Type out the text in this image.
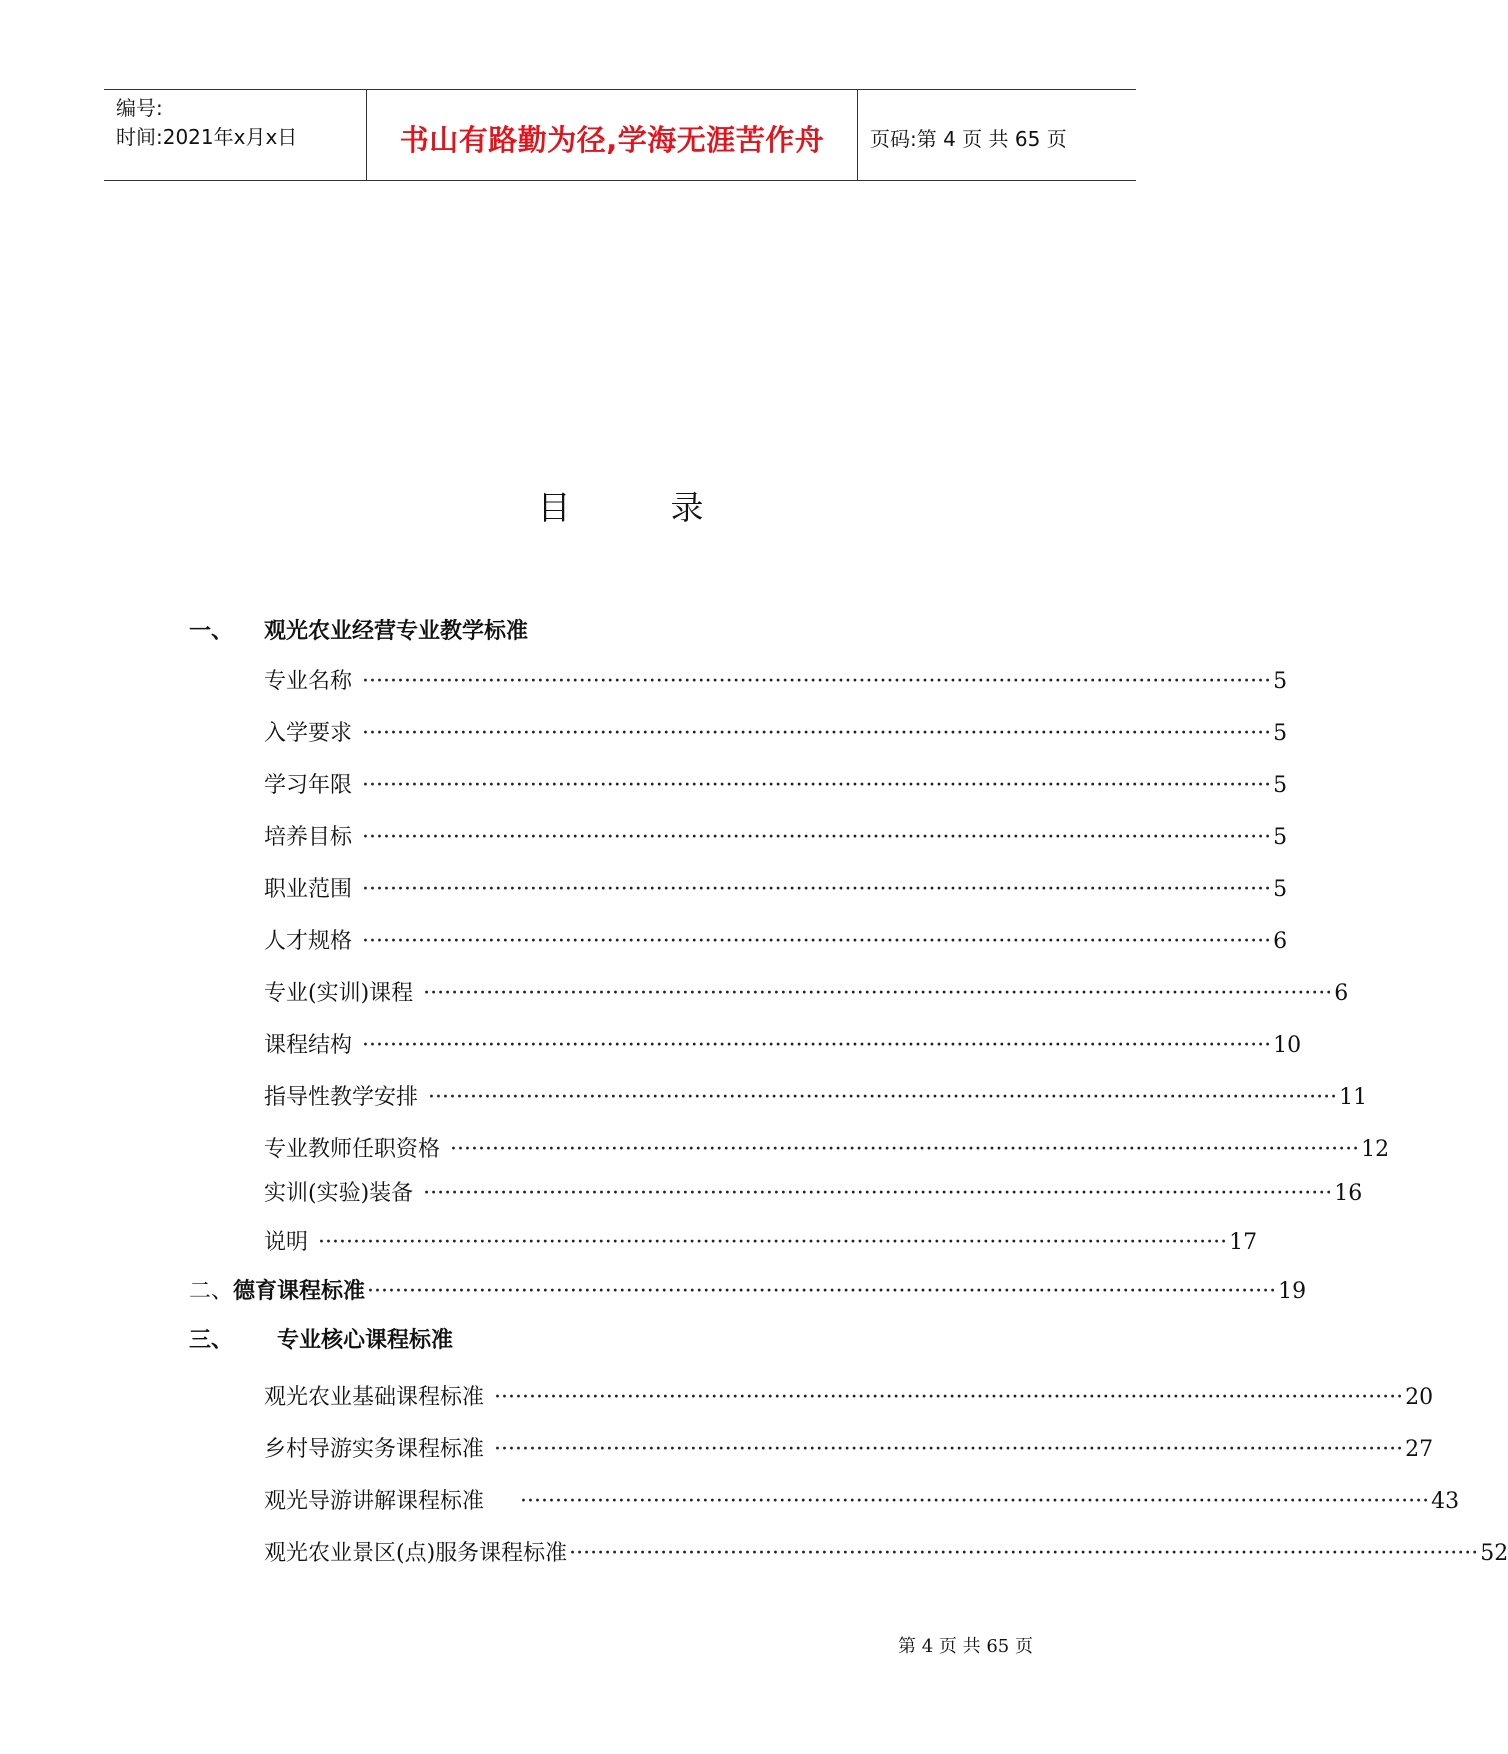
编号:
时间:2021年x月x日	书山有路勤为径,学海无涯苦作舟	页码:第 4 页 共 65 页
目	录
一、	观光农业经营专业教学标准
专业名称 ·································································································································· 5
入学要求 ·································································································································· 5
学习年限 ·································································································································· 5
培养目标 ·································································································································· 5
职业范围 ·································································································································· 5
人才规格 ·································································································································· 6
专业(实训)课程 ·································································································································· 6
课程结构 ·································································································································· 10
指导性教学安排 ·································································································································· 11
专业教师任职资格 ·································································································································· 12
实训(实验)装备 ·································································································································· 16
说明 ·································································································································· 17
二、 德育课程标准 ·································································································································· 19
三、	专业核心课程标准
观光农业基础课程标准 ·································································································································· 20
乡村导游实务课程标准 ·································································································································· 27
观光导游讲解课程标准 ·································································································································· 43
观光农业景区(点)服务课程标准 ·································································································································· 52
第 4 页 共 65 页
